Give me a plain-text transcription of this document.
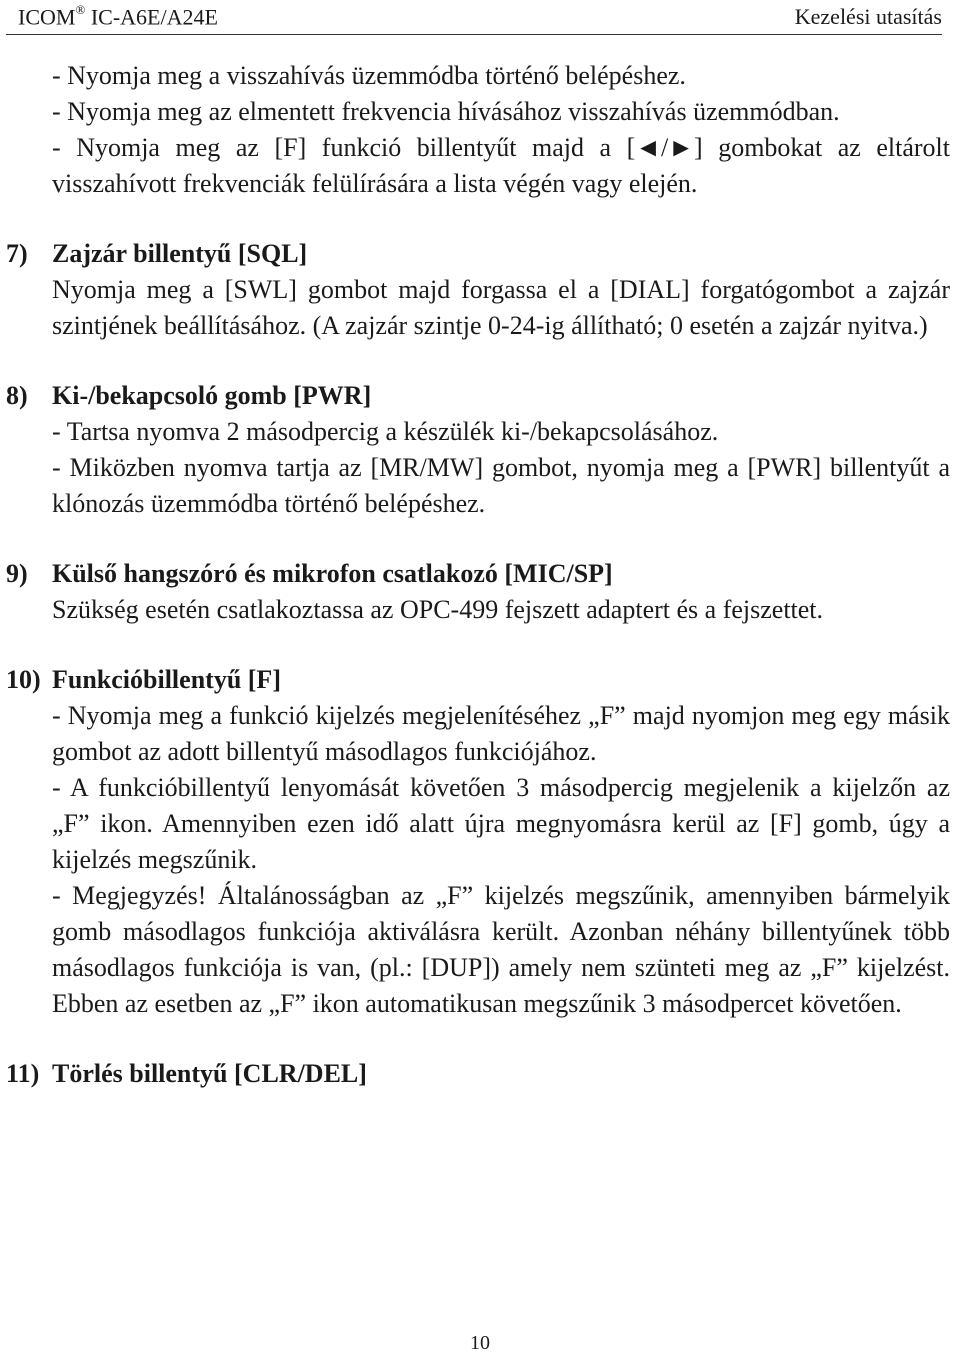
ICOM® IC-A6E/A24E	Kezelési utasítás
- Nyomja meg a visszahívás üzemmódba történő belépéshez.
- Nyomja meg az elmentett frekvencia hívásához visszahívás üzemmódban.
- Nyomja meg az [F] funkció billentyűt majd a [◄/►] gombokat az eltárolt visszahívott frekvenciák felülírására a lista végén vagy elején.
7) Zajzár billentyű [SQL]
Nyomja meg a [SWL] gombot majd forgassa el a [DIAL] forgatógombot a zajzár szintjének beállításához. (A zajzár szintje 0-24-ig állítható; 0 esetén a zajzár nyitva.)
8) Ki-/bekapcsoló gomb [PWR]
- Tartsa nyomva 2 másodpercig a készülék ki-/bekapcsolásához.
- Miközben nyomva tartja az [MR/MW] gombot, nyomja meg a [PWR] billentyűt a klónozás üzemmódba történő belépéshez.
9) Külső hangszóró és mikrofon csatlakozó [MIC/SP]
Szükség esetén csatlakoztassa az OPC-499 fejszett adaptert és a fejszettet.
10) Funkcióbillentyű [F]
- Nyomja meg a funkció kijelzés megjelenítéséhez „F” majd nyomjon meg egy másik gombot az adott billentyű másodlagos funkciójához.
- A funkcióbillentyű lenyomását követően 3 másodpercig megjelenik a kijelzőn az „F” ikon. Amennyiben ezen idő alatt újra megnyomásra kerül az [F] gomb, úgy a kijelzés megszűnik.
- Megjegyzés! Általánosságban az „F” kijelzés megszűnik, amennyiben bármelyik gomb másodlagos funkciója aktiválásra került. Azonban néhány billentyűnek több másodlagos funkciója is van, (pl.: [DUP]) amely nem szünteti meg az „F” kijelzést. Ebben az esetben az „F” ikon automatikusan megszűnik 3 másodpercet követően.
11) Törlés billentyű [CLR/DEL]
10
